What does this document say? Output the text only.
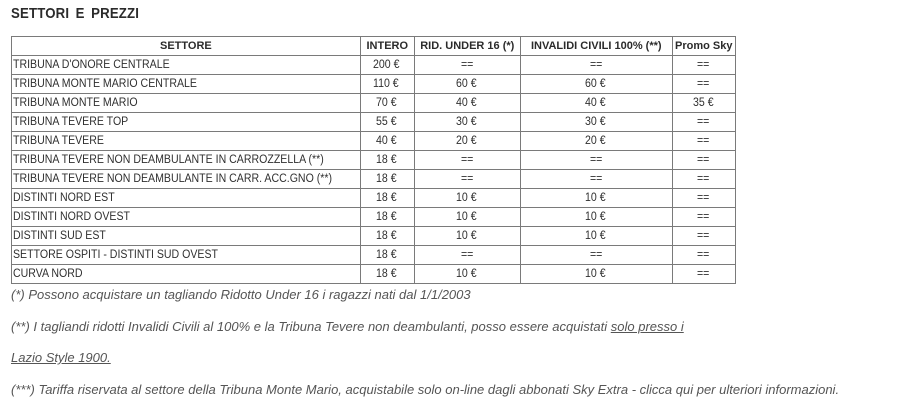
SETTORI E PREZZI
SETTORE	INTERO	RID. UNDER 16 (*)	INVALIDI CIVILI 100% (**)	Promo Sky
TRIBUNA D'ONORE CENTRALE	200 €	==	==	==
TRIBUNA MONTE MARIO CENTRALE	110 €	60 €	60 €	==
TRIBUNA MONTE MARIO	70 €	40 €	40 €	35 €
TRIBUNA TEVERE TOP	55 €	30 €	30 €	==
TRIBUNA TEVERE	40 €	20 €	20 €	==
TRIBUNA TEVERE NON DEAMBULANTE IN CARROZZELLA (**)	18 €	==	==	==
TRIBUNA TEVERE NON DEAMBULANTE IN CARR. ACC.GNO (**)	18 €	==	==	==
DISTINTI NORD EST	18 €	10 €	10 €	==
DISTINTI NORD OVEST	18 €	10 €	10 €	==
DISTINTI SUD EST	18 €	10 €	10 €	==
SETTORE OSPITI - DISTINTI SUD OVEST	18 €	==	==	==
CURVA NORD	18 €	10 €	10 €	==
(*) Possono acquistare un tagliando Ridotto Under 16 i ragazzi nati dal 1/1/2003
(**) I tagliandi ridotti Invalidi Civili al 100% e la Tribuna Tevere non deambulanti, posso essere acquistati solo presso i
Lazio Style 1900.
(***) Tariffa riservata al settore della Tribuna Monte Mario, acquistabile solo on-line dagli abbonati Sky Extra - clicca qui per ulteriori informazioni.
